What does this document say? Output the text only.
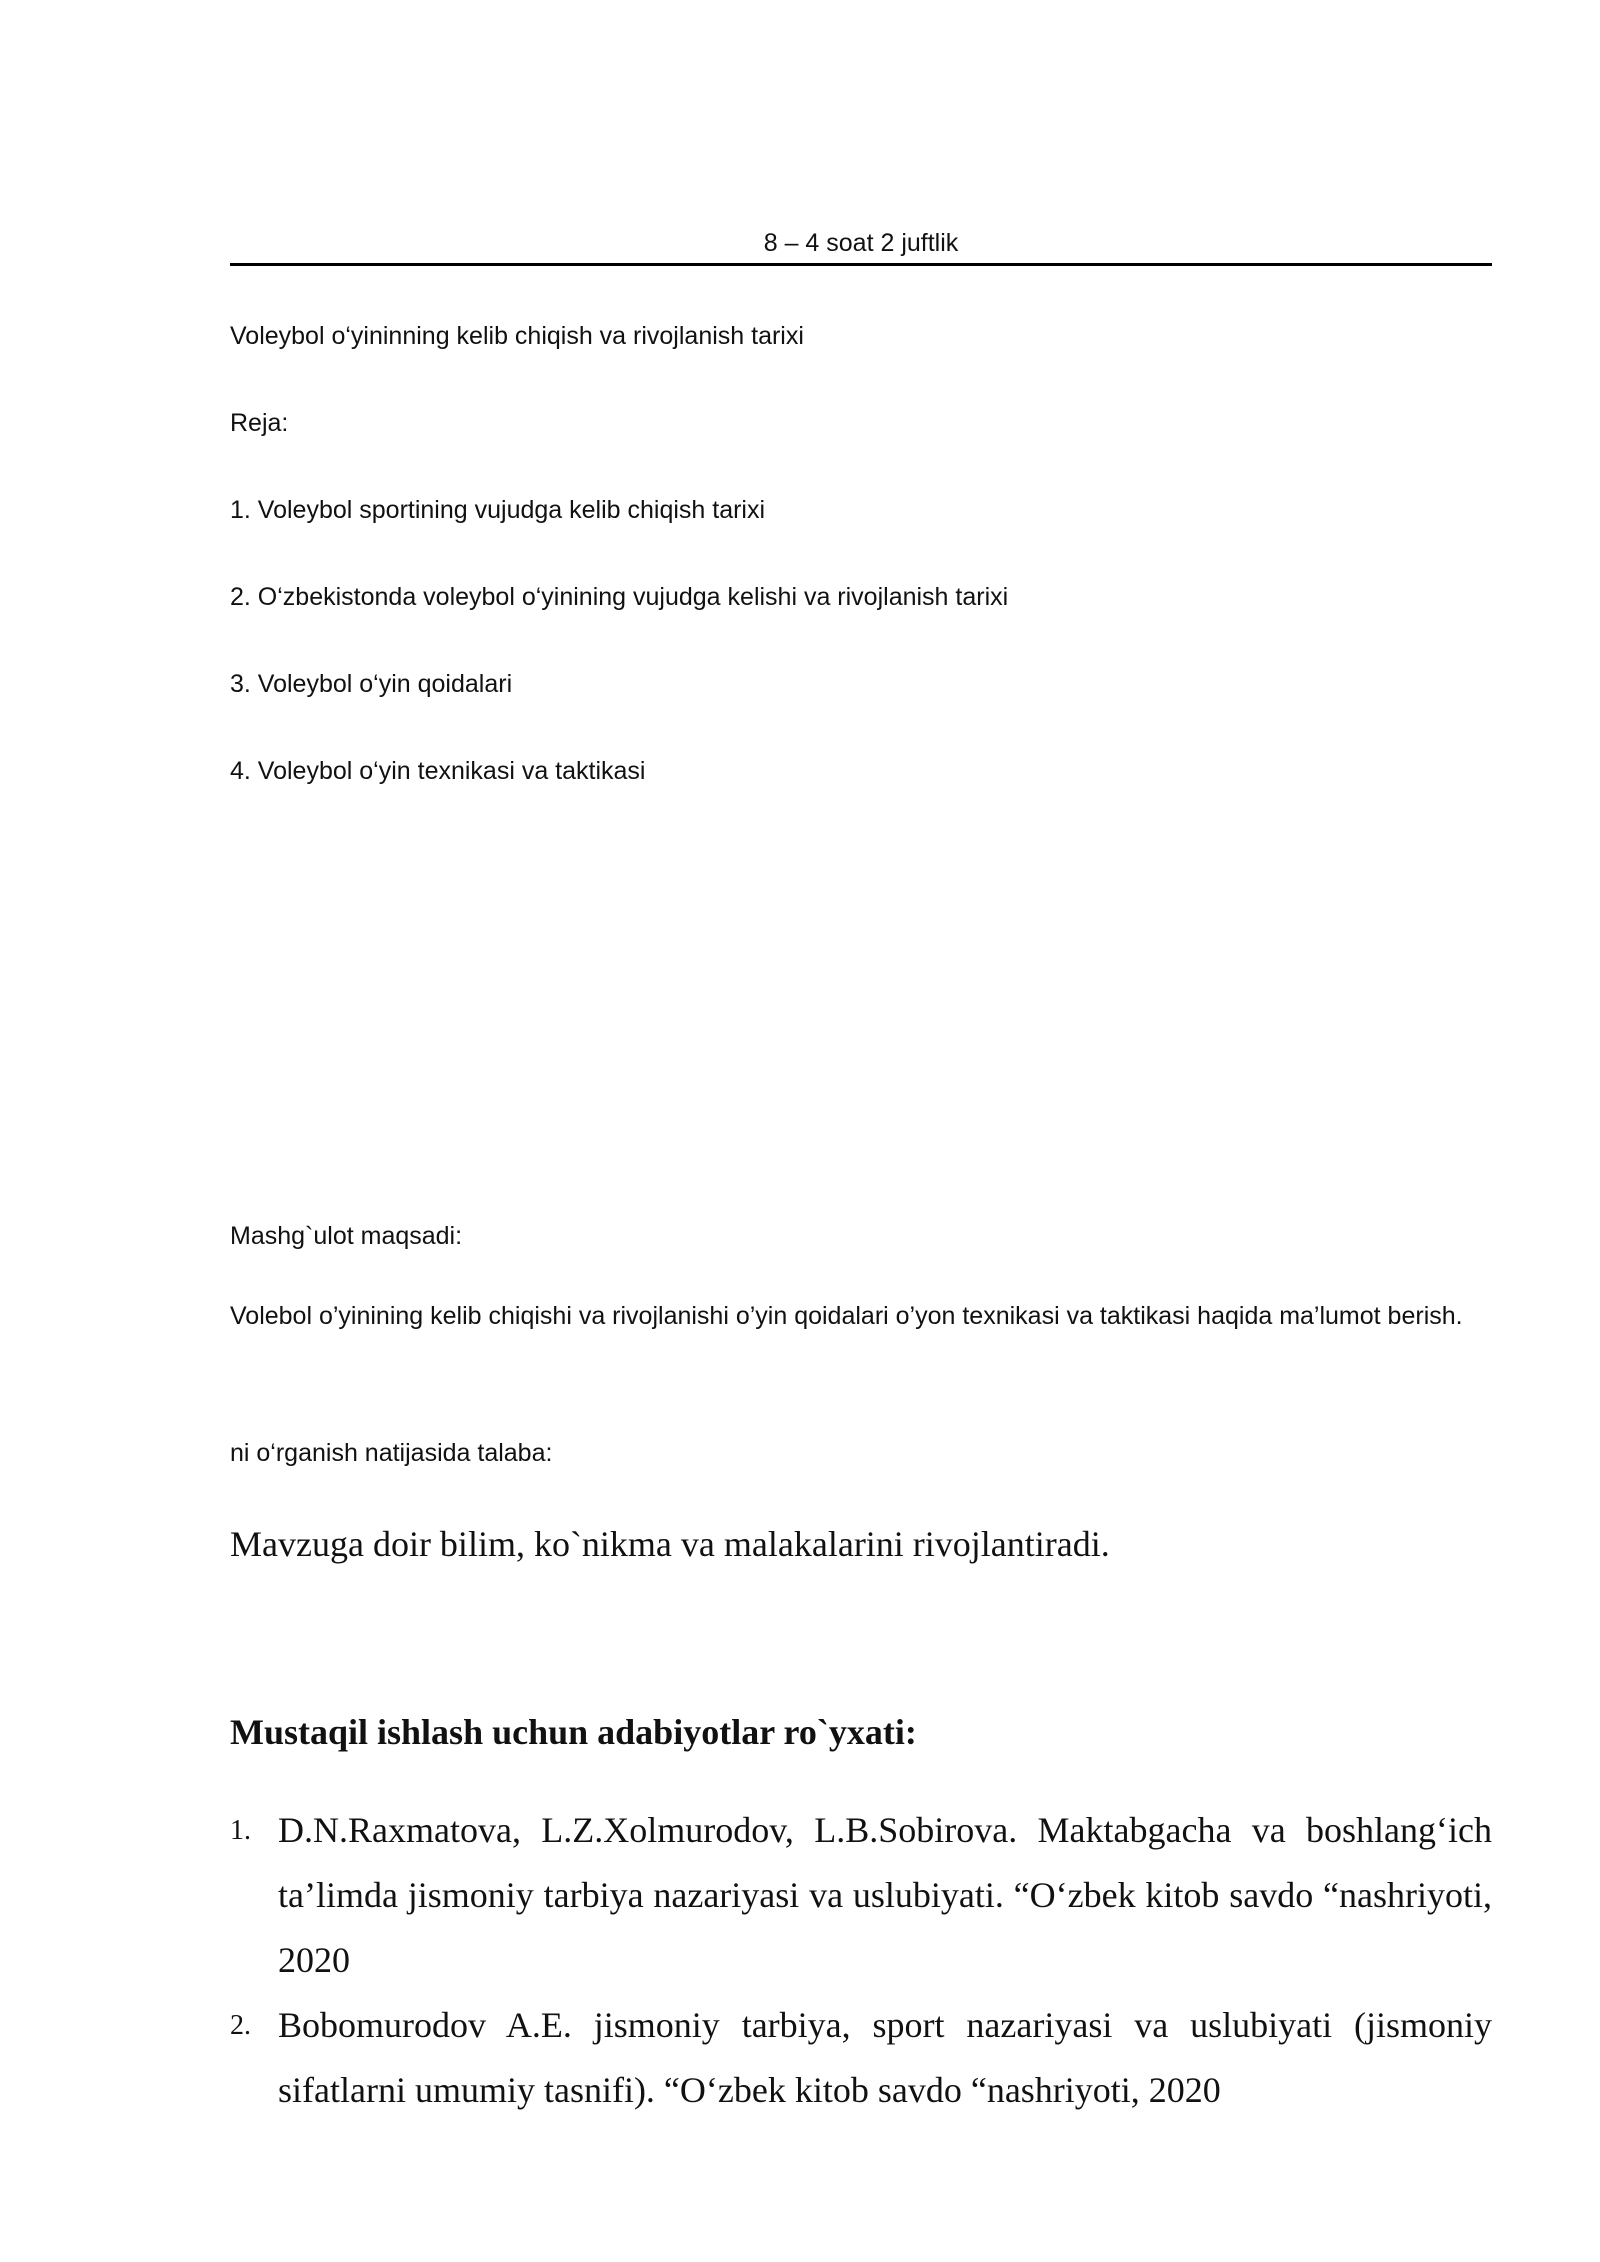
8 – 4 soat 2 juftlik
Voleybol o‘yininning kelib chiqish va rivojlanish tarixi
Reja:
1. Voleybol sportining vujudga kelib chiqish tarixi
2. O‘zbekistonda voleybol o‘yinining vujudga kelishi va rivojlanish tarixi
3. Voleybol o‘yin qoidalari
4. Voleybol o‘yin texnikasi va taktikasi
Mashg`ulot maqsadi:
Volebol o’yinining kelib chiqishi va rivojlanishi o’yin qoidalari o’yon texnikasi va taktikasi haqida ma’lumot berish.
ni o‘rganish natijasida talaba:
Mavzuga doir bilim, ko`nikma va malakalarini rivojlantiradi.
Mustaqil ishlash uchun adabiyotlar ro`yxati:
1. D.N.Raxmatova, L.Z.Xolmurodov, L.B.Sobirova. Maktabgacha va boshlang‘ich ta’limda jismoniy tarbiya nazariyasi va uslubiyati. “O‘zbek kitob savdo “nashriyoti, 2020
2. Bobomurodov A.E. jismoniy tarbiya, sport nazariyasi va uslubiyati (jismoniy sifatlarni umumiy tasnifi). “O‘zbek kitob savdo “nashriyoti, 2020
